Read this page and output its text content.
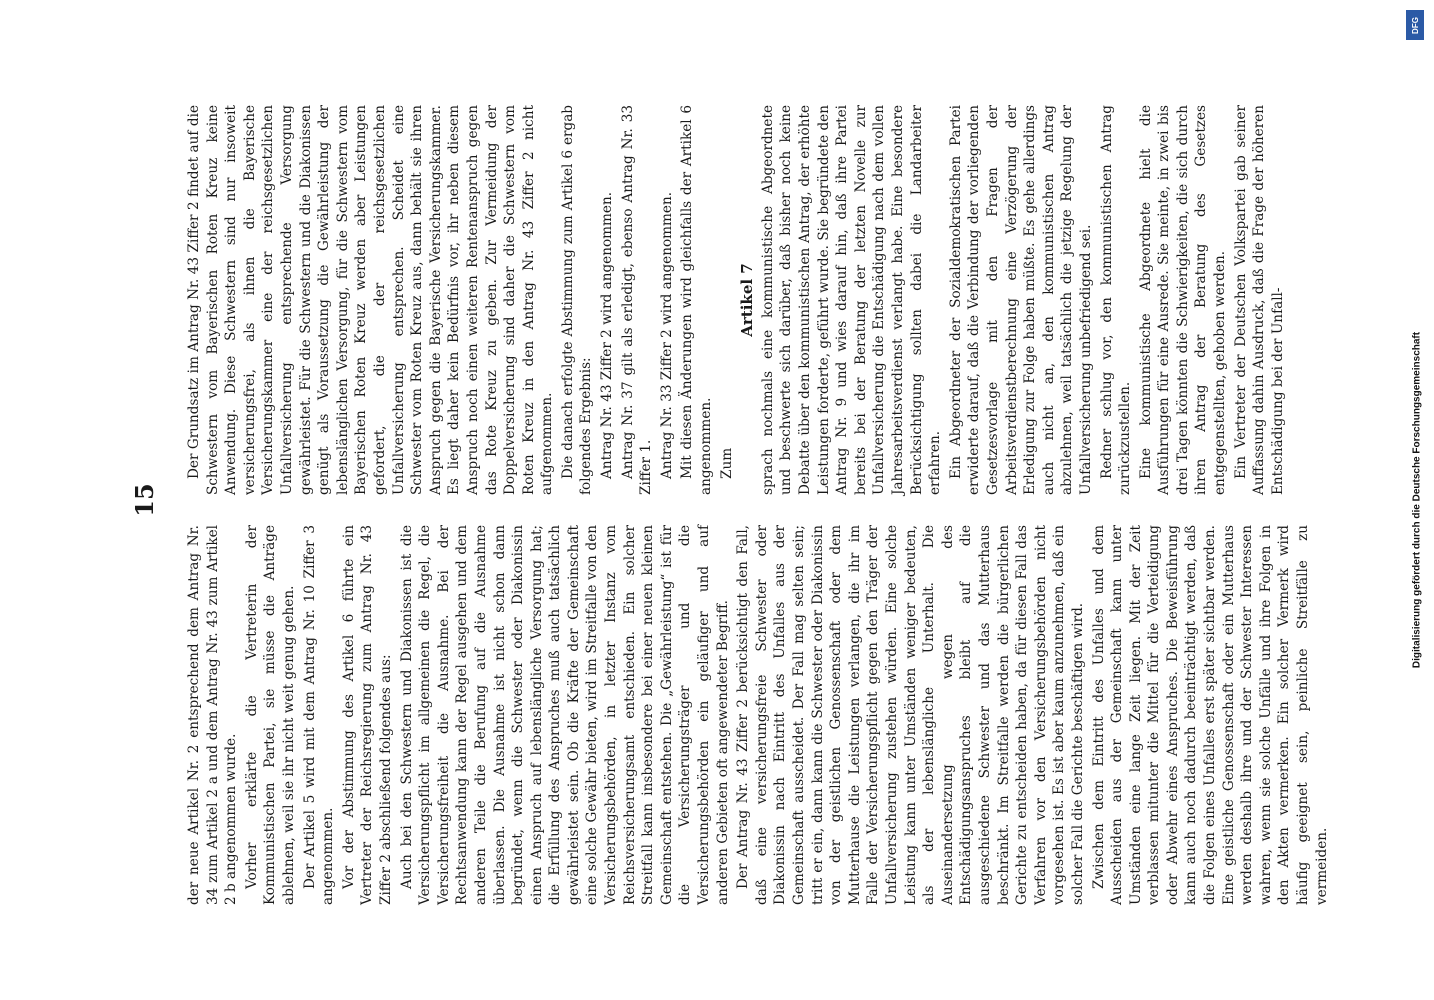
15

der neue Artikel Nr. 2 entsprechend dem Antrag Nr. 34 zum Artikel 2 a und dem Antrag Nr. 43 zum Artikel 2 b angenommen wurde. Vorher erklärte die Vertreterin der Kommunistischen Partei, sie müsse die Anträge ablehnen, weil sie ihr nicht weit genug gehen. Der Artikel 5 wird mit dem Antrag Nr. 10 Ziffer 3 angenommen. Vor der Abstimmung des Artikel 6 führte ein Vertreter der Reichsregierung zum Antrag Nr. 43 Ziffer 2 abschließend folgendes aus: Auch bei den Schwestern und Diakonissen ist die Versicherungspflicht im allgemeinen die Regel, die Versicherungsfreiheit die Ausnahme. Bei der Rechtsanwendung kann der Regel ausgehen und dem anderen Teile die Berufung auf die Ausnahme überlassen. Die Ausnahme ist nicht schon dann begründet, wenn die Schwester oder Diakonissin einen Anspruch auf lebenslängliche Versorgung hat; die Erfüllung des Anspruches muß auch tatsächlich gewährleistet sein. Ob die Kräfte der Gemeinschaft eine solche Gewähr bieten, wird im Streitfalle von den Versicherungsbehörden, in letzter Instanz vom Reichsversicherungsamt entschieden. Ein solcher Streitfall kann insbesondere bei einer neuen kleinen Gemeinschaft entstehen. Die „Gewährleistung“ ist für die Versicherungsträger und die Versicherungsbehörden ein geläufiger und auf anderen Gebieten oft angewendeter Begriff. Der Antrag Nr. 43 Ziffer 2 berücksichtigt den Fall, daß eine versicherungsfreie Schwester oder Diakonissin nach Eintritt des Unfalles aus der Gemeinschaft ausscheidet. Der Fall mag selten sein; tritt er ein, dann kann die Schwester oder Diakonissin von der geistlichen Genossenschaft oder dem Mutterhause die Leistungen verlangen, die ihr im Falle der Versicherungspflicht gegen den Träger der Unfallversicherung zustehen würden. Eine solche Leistung kann unter Umständen weniger bedeuten, als der lebenslängliche Unterhalt. Die Auseinandersetzung wegen des Entschädigungsanspruches bleibt auf die ausgeschiedene Schwester und das Mutterhaus beschränkt. Im Streitfalle werden die bürgerlichen Gerichte zu entscheiden haben, da für diesen Fall das Verfahren vor den Versicherungsbehörden nicht vorgesehen ist. Es ist aber kaum anzunehmen, daß ein solcher Fall die Gerichte beschäftigen wird. Zwischen dem Eintritt des Unfalles und dem Ausscheiden aus der Gemeinschaft kann unter Umständen eine lange Zeit liegen. Mit der Zeit verblassen mitunter die Mittel für die Verteidigung oder Abwehr eines Anspruches. Die Beweisführung kann auch noch dadurch beeinträchtigt werden, daß die Folgen eines Unfalles erst später sichtbar werden. Eine geistliche Genossenschaft oder ein Mutterhaus werden deshalb ihre und der Schwester Interessen wahren, wenn sie solche Unfälle und ihre Folgen in den Akten vermerken. Ein solcher Vermerk wird häufig geeignet sein, peinliche Streitfälle zu vermeiden.

Der Grundsatz im Antrag Nr. 43 Ziffer 2 findet auf die Schwestern vom Bayerischen Roten Kreuz keine Anwendung. Diese Schwestern sind nur insoweit versicherungsfrei, als ihnen die Bayerische Versicherungskammer eine der reichsgesetzlichen Unfallversicherung entsprechende Versorgung gewährleistet. Für die Schwestern und die Diakonissen genügt als Voraussetzung die Gewährleistung der lebenslänglichen Versorgung, für die Schwestern vom Bayerischen Roten Kreuz werden aber Leistungen gefordert, die der reichsgesetzlichen Unfallversicherung entsprechen. Scheidet eine Schwester vom Roten Kreuz aus, dann behält sie ihren Anspruch gegen die Bayerische Versicherungskammer. Es liegt daher kein Bedürfnis vor, ihr neben diesem Anspruch noch einen weiteren Rentenanspruch gegen das Rote Kreuz zu geben. Zur Vermeidung der Doppelversicherung sind daher die Schwestern vom Roten Kreuz in den Antrag Nr. 43 Ziffer 2 nicht aufgenommen. Die danach erfolgte Abstimmung zum Artikel 6 ergab folgendes Ergebnis: Antrag Nr. 43 Ziffer 2 wird angenommen. Antrag Nr. 37 gilt als erledigt, ebenso Antrag Nr. 33 Ziffer 1. Antrag Nr. 33 Ziffer 2 wird angenommen. Mit diesen Änderungen wird gleichfalls der Artikel 6 angenommen. Zum

Artikel 7 sprach nochmals eine kommunistische Abgeordnete und beschwerte sich darüber, daß bisher noch keine Debatte über den kommunistischen Antrag, der erhöhte Leistungen forderte, geführt wurde. Sie begründete den Antrag Nr. 9 und wies darauf hin, daß ihre Partei bereits bei der Beratung der letzten Novelle zur Unfallversicherung die Entschädigung nach dem vollen Jahresarbeitsverdienst verlangt habe. Eine besondere Berücksichtigung sollten dabei die Landarbeiter erfahren. Ein Abgeordneter der Sozialdemokratischen Partei erwiderte darauf, daß die Verbindung der vorliegenden Gesetzesvorlage mit den Fragen der Arbeitsverdienstberechnung eine Verzögerung der Erledigung zur Folge haben müßte. Es gehe allerdings auch nicht an, den kommunistischen Antrag abzulehnen, weil tatsächlich die jetzige Regelung der Unfallversicherung unbefriedigend sei. Redner schlug vor, den kommunistischen Antrag zurückzustellen. Eine kommunistische Abgeordnete hielt die Ausführungen für eine Ausrede. Sie meinte, in zwei bis drei Tagen könnten die Schwierigkeiten, die sich durch ihren Antrag der Beratung des Gesetzes entgegenstellten, gehoben werden. Ein Vertreter der Deutschen Volkspartei gab seiner Auffassung dahin Ausdruck, daß die Frage der höheren Entschädigung bei der Unfall-

DFG
Digitalisierung gefördert durch die Deutsche Forschungsgemeinschaft
